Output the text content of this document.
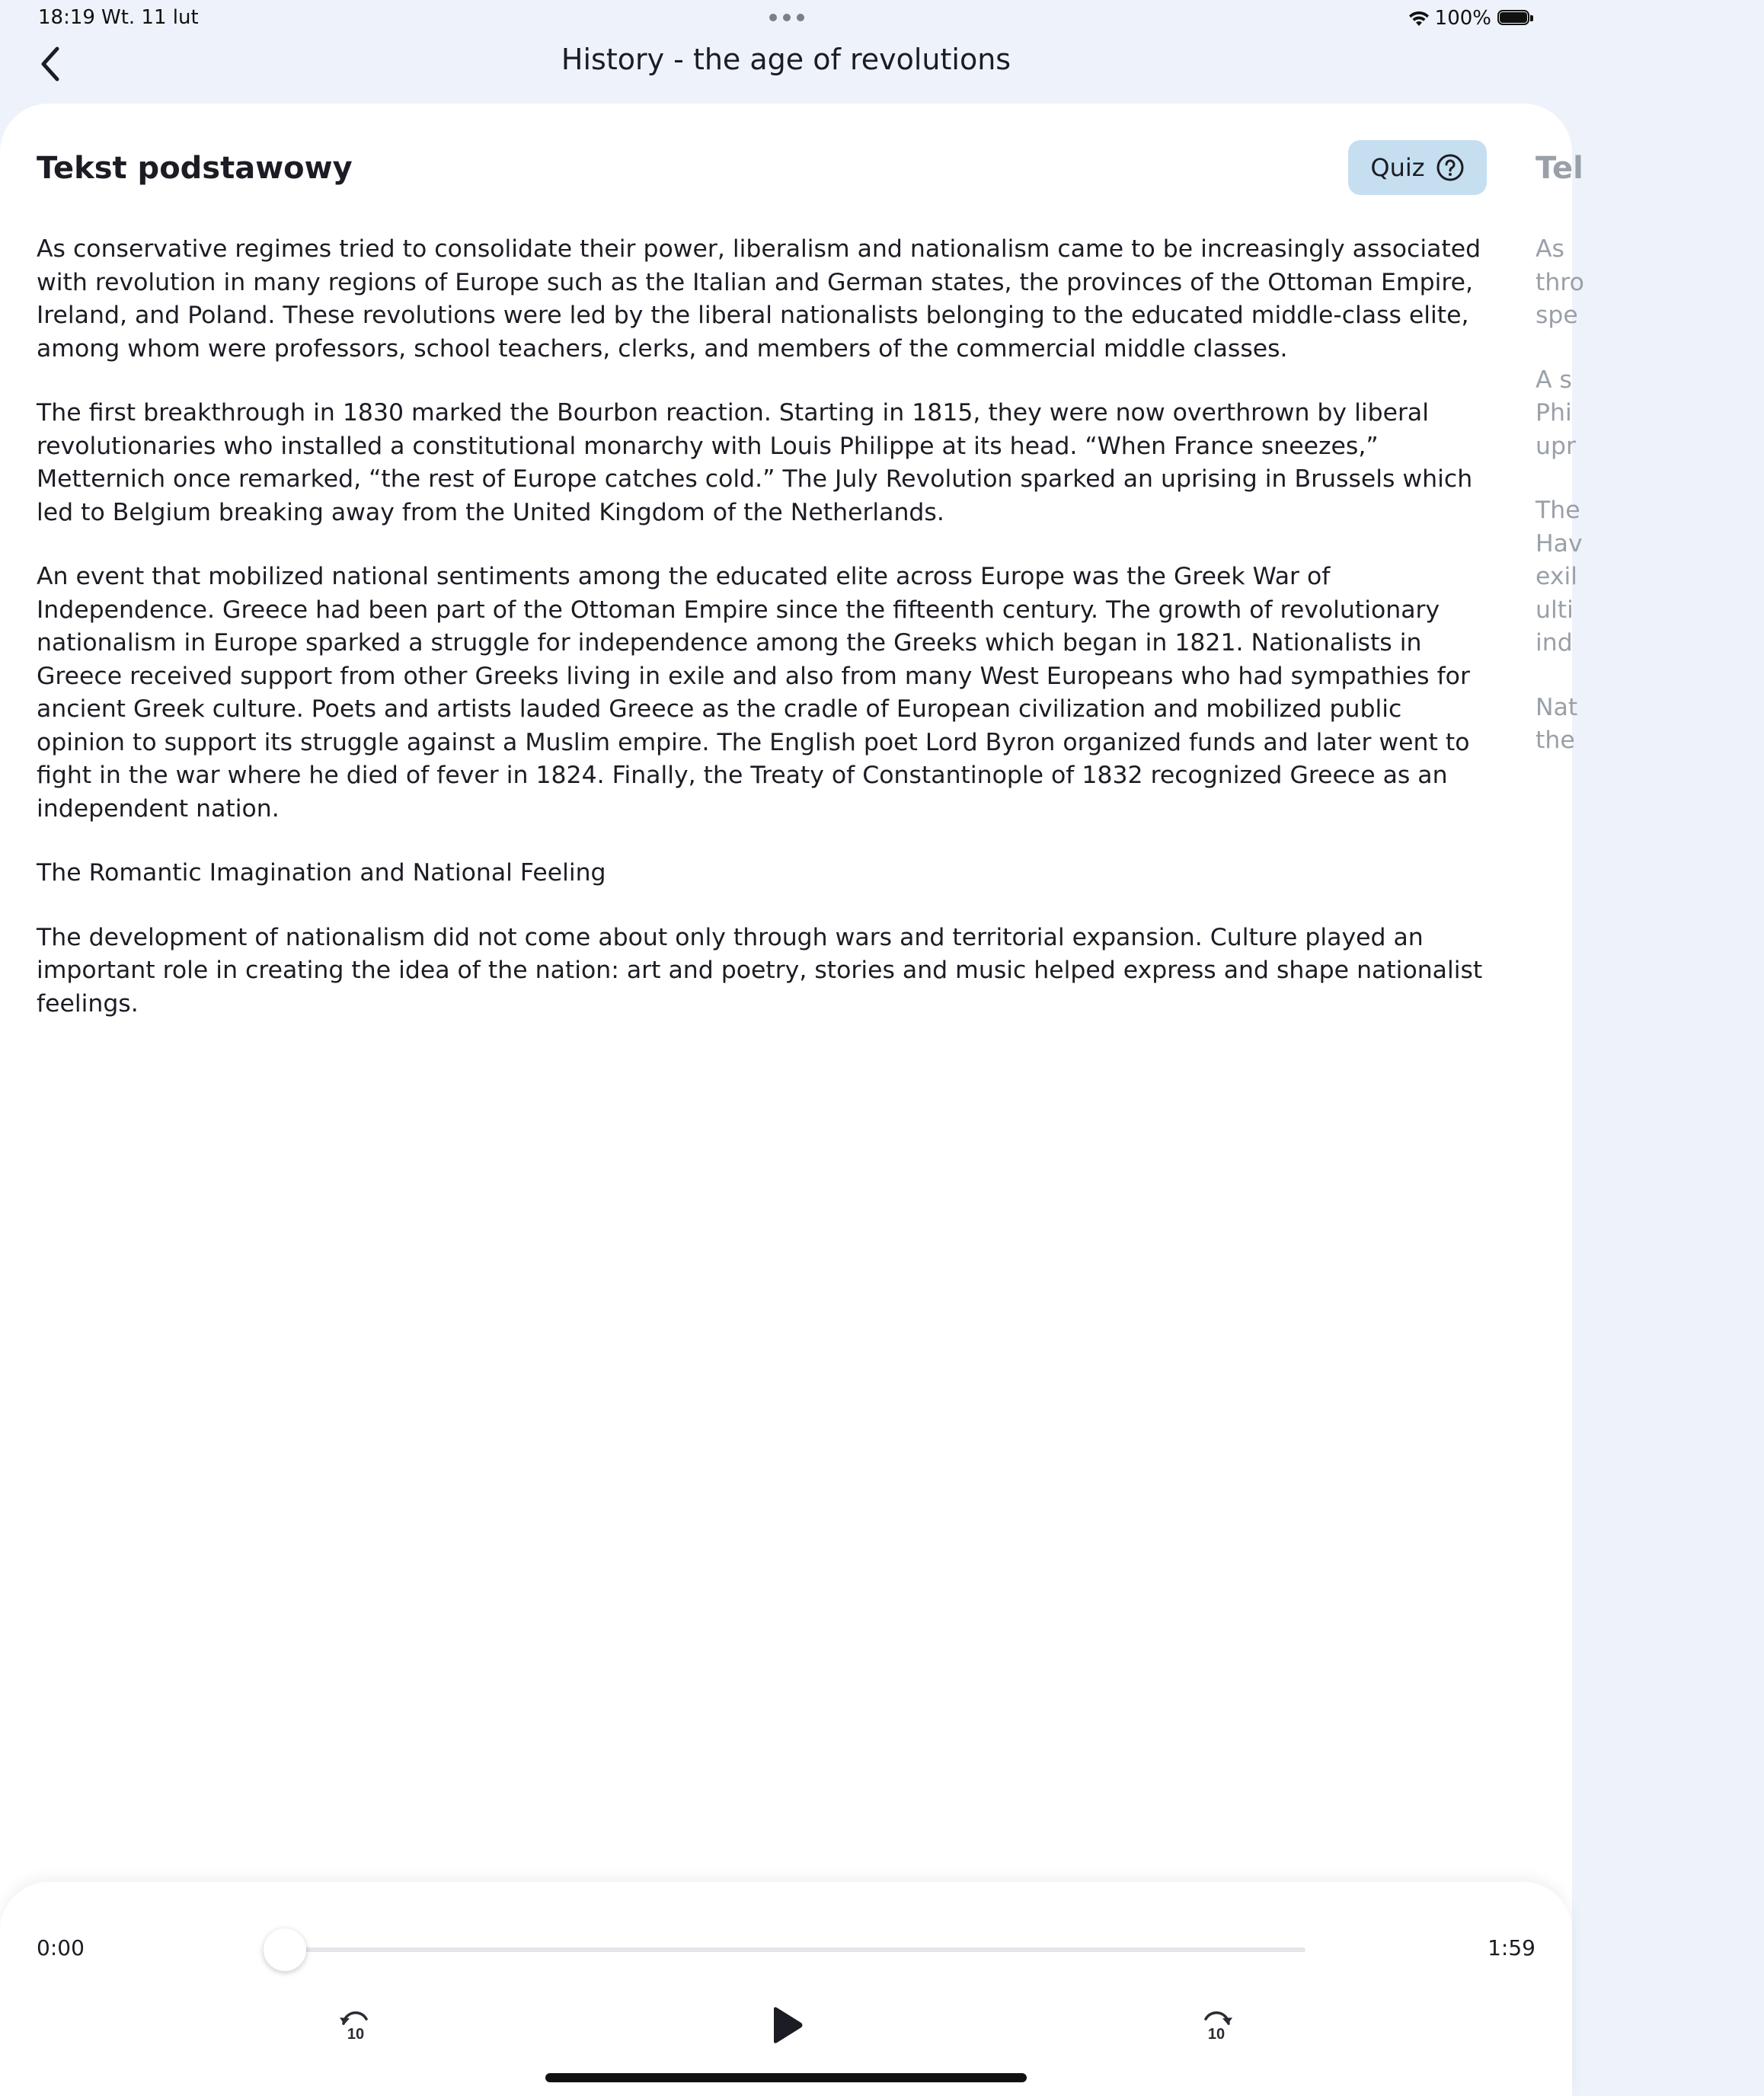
18:19 Wt. 11 lut	100%
History - the age of revolutions
Tekst podstawowy	Quiz

As conservative regimes tried to consolidate their power, liberalism and nationalism came to be increasingly associated with revolution in many regions of Europe such as the Italian and German states, the provinces of the Ottoman Empire, Ireland, and Poland. These revolutions were led by the liberal nationalists belonging to the educated middle-class elite, among whom were professors, school teachers, clerks, and members of the commercial middle classes.

The first breakthrough in 1830 marked the Bourbon reaction. Starting in 1815, they were now overthrown by liberal revolutionaries who installed a constitutional monarchy with Louis Philippe at its head. “When France sneezes,” Metternich once remarked, “the rest of Europe catches cold.” The July Revolution sparked an uprising in Brussels which led to Belgium breaking away from the United Kingdom of the Netherlands.

An event that mobilized national sentiments among the educated elite across Europe was the Greek War of Independence. Greece had been part of the Ottoman Empire since the fifteenth century. The growth of revolutionary nationalism in Europe sparked a struggle for independence among the Greeks which began in 1821. Nationalists in Greece received support from other Greeks living in exile and also from many West Europeans who had sympathies for ancient Greek culture. Poets and artists lauded Greece as the cradle of European civilization and mobilized public opinion to support its struggle against a Muslim empire. The English poet Lord Byron organized funds and later went to fight in the war where he died of fever in 1824. Finally, the Treaty of Constantinople of 1832 recognized Greece as an independent nation.

The Romantic Imagination and National Feeling

The development of nationalism did not come about only through wars and territorial expansion. Culture played an important role in creating the idea of the nation: art and poetry, stories and music helped express and shape nationalist feelings.

Tel

As
thro
spe

A s
Phi
upr

The
Hav
exil
ulti
ind

Nat
the

0:00	1:59
10	10
